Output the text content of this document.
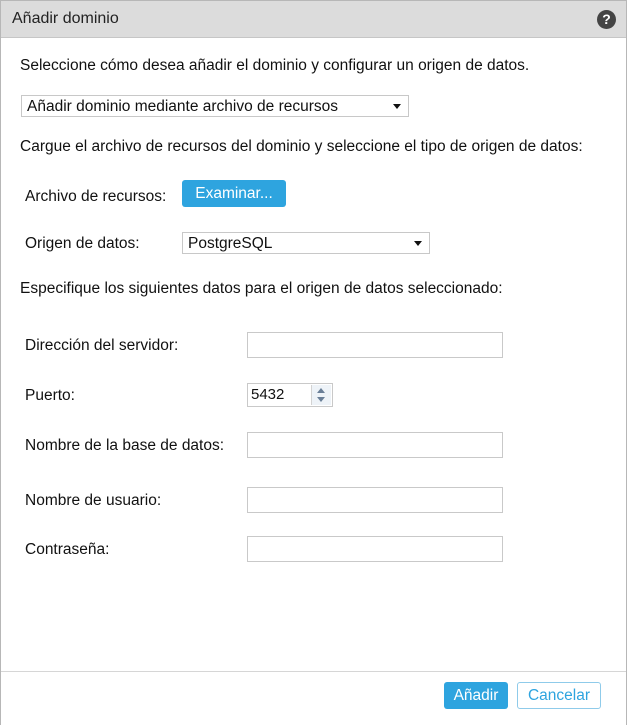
Añadir dominio	?
Seleccione cómo desea añadir el dominio y configurar un origen de datos.
Añadir dominio mediante archivo de recursos
Cargue el archivo de recursos del dominio y seleccione el tipo de origen de datos:
Archivo de recursos:	Examinar...
Origen de datos:	PostgreSQL
Especifique los siguientes datos para el origen de datos seleccionado:
Dirección del servidor:
Puerto:	5432
Nombre de la base de datos:
Nombre de usuario:
Contraseña:
Añadir	Cancelar
